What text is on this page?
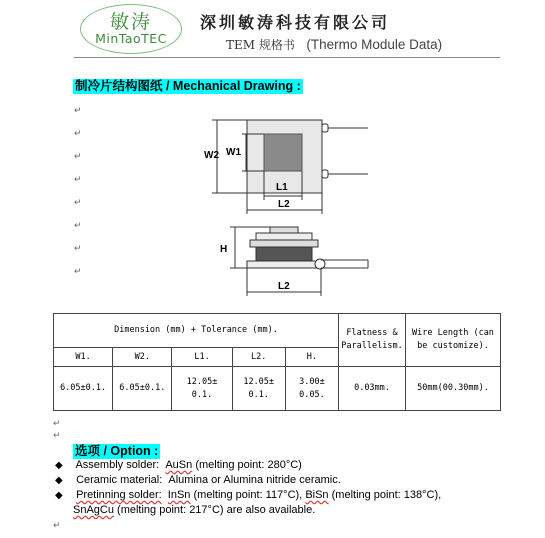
敏涛
MinTaoTEC
深圳敏涛科技有限公司
TEM 规格书 (Thermo Module Data)
制冷片结构图纸 / Mechanical Drawing :
↵
↵
↵
↵
↵
↵
↵
↵
W2 W1
L1
L2
H
L2
Dimension (mm) + Tolerance (mm).					Flatness & Parallelism.	Wire Length (can be customize).
W1.	W2.	L1.	L2.	H.		
6.05±0.1.	6.05±0.1.	12.05±
0.1.	12.05±
0.1.	3.00±
0.05.	0.03mm.	50mm(00.30mm).
↵
↵
选项 / Option :
◆ Assembly solder: AuSn (melting point: 280°C)
◆ Ceramic material: Alumina or Alumina nitride ceramic.
◆ Pretinning solder: InSn (melting point: 117°C), BiSn (melting point: 138°C),
SnAgCu (melting point: 217°C) are also available.
↵
